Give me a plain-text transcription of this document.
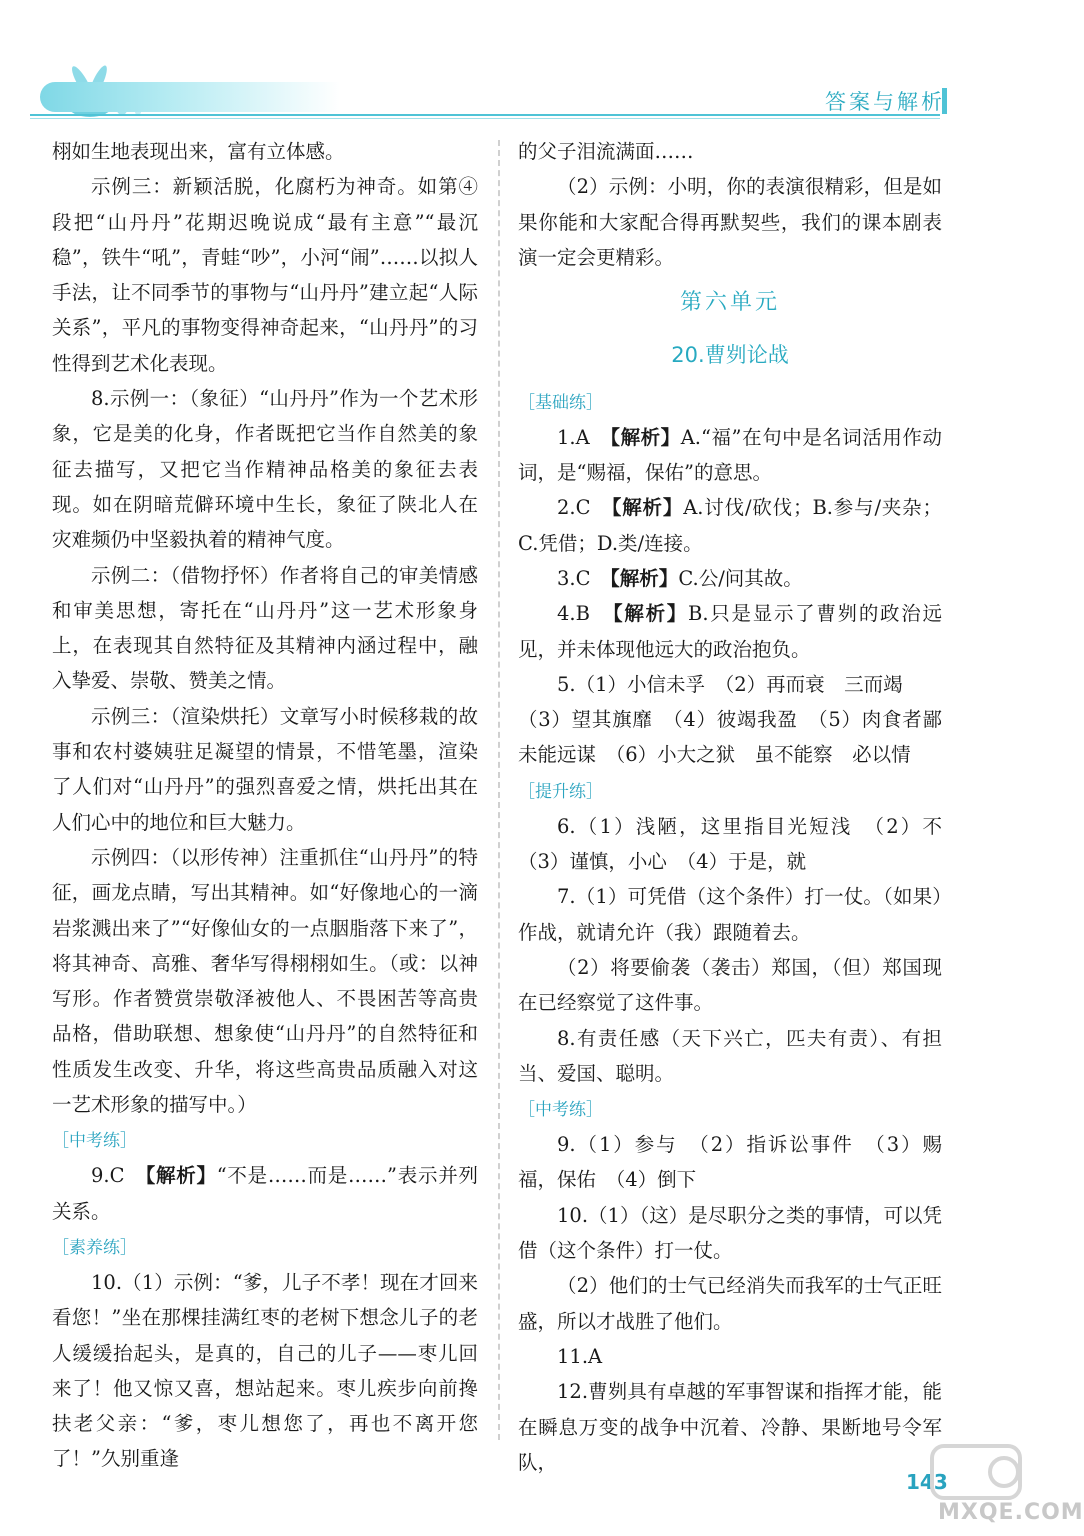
答案与解析

栩如生地表现出来，富有立体感。

示例三：新颖活脱，化腐朽为神奇。如第④段把“山丹丹”花期迟晚说成“最有主意”“最沉稳”，铁牛“吼”，青蛙“吵”，小河“闹”……以拟人手法，让不同季节的事物与“山丹丹”建立起“人际关系”，平凡的事物变得神奇起来，“山丹丹”的习性得到艺术化表现。

8.示例一：（象征）“山丹丹”作为一个艺术形象，它是美的化身，作者既把它当作自然美的象征去描写，又把它当作精神品格美的象征去表现。如在阴暗荒僻环境中生长，象征了陕北人在灾难频仍中坚毅执着的精神气度。

示例二：（借物抒怀）作者将自己的审美情感和审美思想，寄托在“山丹丹”这一艺术形象身上，在表现其自然特征及其精神内涵过程中，融入挚爱、崇敬、赞美之情。

示例三：（渲染烘托）文章写小时候移栽的故事和农村婆姨驻足凝望的情景，不惜笔墨，渲染了人们对“山丹丹”的强烈喜爱之情，烘托出其在人们心中的地位和巨大魅力。

示例四：（以形传神）注重抓住“山丹丹”的特征，画龙点睛，写出其精神。如“好像地心的一滴岩浆溅出来了”“好像仙女的一点胭脂落下来了”，将其神奇、高雅、奢华写得栩栩如生。（或：以神写形。作者赞赏崇敬泽被他人、不畏困苦等高贵品格，借助联想、想象使“山丹丹”的自然特征和性质发生改变、升华，将这些高贵品质融入对这一艺术形象的描写中。）

［中考练］

9.C　 【解析】“不是……而是……”表示并列关系。

［素养练］

10.（1）示例：“爹，儿子不孝！现在才回来看您！”坐在那棵挂满红枣的老树下想念儿子的老人缓缓抬起头，是真的，自己的儿子——枣儿回来了！他又惊又喜，想站起来。枣儿疾步向前搀扶老父亲：“爹，枣儿想您了，再也不离开您了！”久别重逢

的父子泪流满面……

（2）示例：小明，你的表演很精彩，但是如果你能和大家配合得再默契些，我们的课本剧表演一定会更精彩。

第六单元

20.曹刿论战

［基础练］

1.A　 【解析】A.“福”在句中是名词活用作动词，是“赐福，保佑”的意思。

2.C　 【解析】A.讨伐/砍伐；B.参与/夹杂；C.凭借；D.类/连接。

3.C　 【解析】C.公/问其故。

4.B　 【解析】B.只是显示了曹刿的政治远见，并未体现他远大的政治抱负。

5.（1）小信未孚　（2）再而衰　三而竭

（3）望其旗靡　（4）彼竭我盈　（5）肉食者鄙　未能远谋　（6）小大之狱　虽不能察　必以情

［提升练］

6.（1）浅陋，这里指目光短浅　（2）不　（3）谨慎，小心　（4）于是，就

7.（1）可凭借（这个条件）打一仗。（如果）作战，就请允许（我）跟随着去。

（2）将要偷袭（袭击）郑国，（但）郑国现在已经察觉了这件事。

8.有责任感（天下兴亡，匹夫有责）、有担当、爱国、聪明。

［中考练］

9.（1）参与　（2）指诉讼事件　（3）赐福，保佑　（4）倒下

10.（1）（这）是尽职分之类的事情，可以凭借（这个条件）打一仗。

（2）他们的士气已经消失而我军的士气正旺盛，所以才战胜了他们。

11.A

12.曹刿具有卓越的军事智谋和指挥才能，能在瞬息万变的战争中沉着、冷静、果断地号令军队，

143
MXQE.COM
